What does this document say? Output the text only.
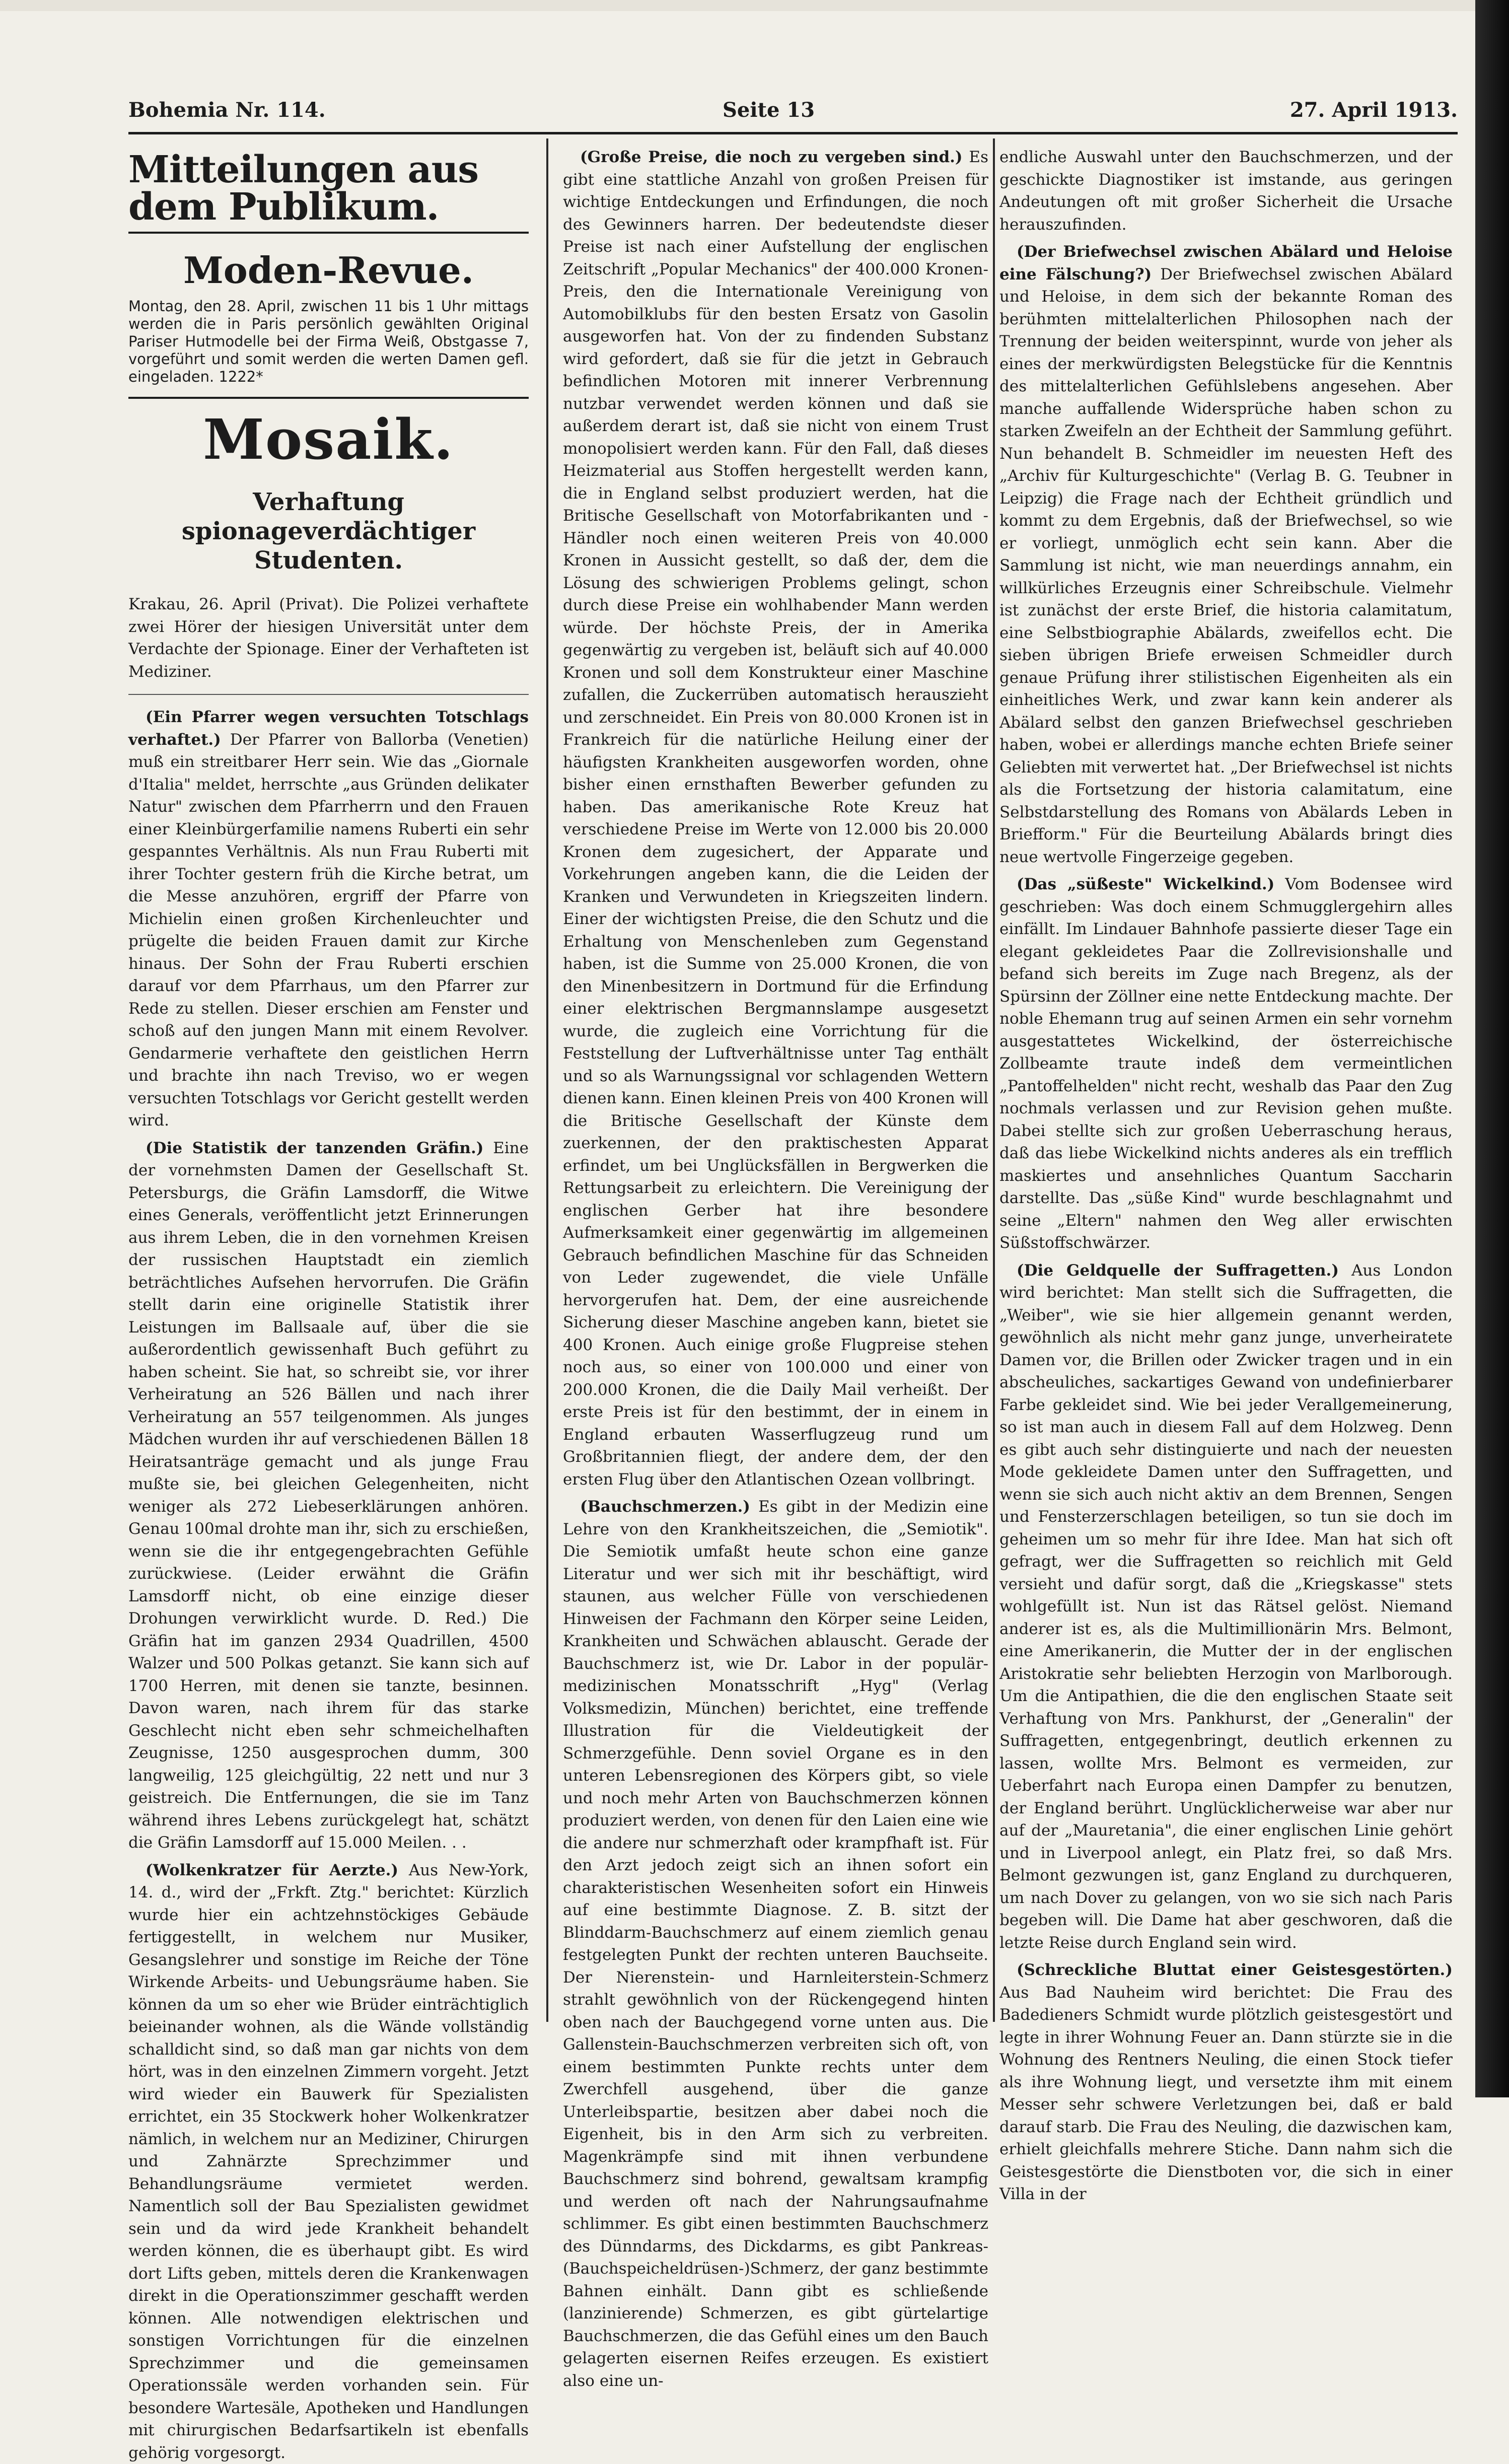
Bohemia Nr. 114.	Seite 13	27. April 1913.
Mitteilungen aus dem Publikum.
Moden-Revue.
Montag, den 28. April, zwischen 11 bis 1 Uhr mittags werden die in Paris persönlich gewählten Original Pariser Hutmodelle bei der Firma Weiß, Obstgasse 7, vorgeführt und somit werden die werten Damen gefl. eingeladen. 1222*
Mosaik.
Verhaftung spionageverdächtiger Studenten.

Krakau, 26. April (Privat). Die Polizei verhaftete zwei Hörer der hiesigen Universität unter dem Verdachte der Spionage. Einer der Verhafteten ist Mediziner.

(Ein Pfarrer wegen versuchten Totschlags verhaftet.) Der Pfarrer von Ballorba (Venetien) muß ein streitbarer Herr sein. Wie das „Giornale d'Italia" meldet, herrschte „aus Gründen delikater Natur" zwischen dem Pfarrherrn und den Frauen einer Kleinbürgerfamilie namens Ruberti ein sehr gespanntes Verhältnis. Als nun Frau Ruberti mit ihrer Tochter gestern früh die Kirche betrat, um die Messe anzuhören, ergriff der Pfarre von Michielin einen großen Kirchenleuchter und prügelte die beiden Frauen damit zur Kirche hinaus. Der Sohn der Frau Ruberti erschien darauf vor dem Pfarrhaus, um den Pfarrer zur Rede zu stellen. Dieser erschien am Fenster und schoß auf den jungen Mann mit einem Revolver. Gendarmerie verhaftete den geistlichen Herrn und brachte ihn nach Treviso, wo er wegen versuchten Totschlags vor Gericht gestellt werden wird.

(Die Statistik der tanzenden Gräfin.) Eine der vornehmsten Damen der Gesellschaft St. Petersburgs, die Gräfin Lamsdorff, die Witwe eines Generals, veröffentlicht jetzt Erinnerungen aus ihrem Leben, die in den vornehmen Kreisen der russischen Hauptstadt ein ziemlich beträchtliches Aufsehen hervorrufen. Die Gräfin stellt darin eine originelle Statistik ihrer Leistungen im Ballsaale auf, über die sie außerordentlich gewissenhaft Buch geführt zu haben scheint. Sie hat, so schreibt sie, vor ihrer Verheiratung an 526 Bällen und nach ihrer Verheiratung an 557 teilgenommen. Als junges Mädchen wurden ihr auf verschiedenen Bällen 18 Heiratsanträge gemacht und als junge Frau mußte sie, bei gleichen Gelegenheiten, nicht weniger als 272 Liebeserklärungen anhören. Genau 100mal drohte man ihr, sich zu erschießen, wenn sie die ihr entgegengebrachten Gefühle zurückwiese. (Leider erwähnt die Gräfin Lamsdorff nicht, ob eine einzige dieser Drohungen verwirklicht wurde. D. Red.) Die Gräfin hat im ganzen 2934 Quadrillen, 4500 Walzer und 500 Polkas getanzt. Sie kann sich auf 1700 Herren, mit denen sie tanzte, besinnen. Davon waren, nach ihrem für das starke Geschlecht nicht eben sehr schmeichelhaften Zeugnisse, 1250 ausgesprochen dumm, 300 langweilig, 125 gleichgültig, 22 nett und nur 3 geistreich. Die Entfernungen, die sie im Tanz während ihres Lebens zurückgelegt hat, schätzt die Gräfin Lamsdorff auf 15.000 Meilen. . .

(Wolkenkratzer für Aerzte.) Aus New-York, 14. d., wird der „Frkft. Ztg." berichtet: Kürzlich wurde hier ein achtzehnstöckiges Gebäude fertiggestellt, in welchem nur Musiker, Gesangslehrer und sonstige im Reiche der Töne Wirkende Arbeits- und Uebungsräume haben. Sie können da um so eher wie Brüder einträchtiglich beieinander wohnen, als die Wände vollständig schalldicht sind, so daß man gar nichts von dem hört, was in den einzelnen Zimmern vorgeht. Jetzt wird wieder ein Bauwerk für Spezialisten errichtet, ein 35 Stockwerk hoher Wolkenkratzer nämlich, in welchem nur an Mediziner, Chirurgen und Zahnärzte Sprechzimmer und Behandlungsräume vermietet werden. Namentlich soll der Bau Spezialisten gewidmet sein und da wird jede Krankheit behandelt werden können, die es überhaupt gibt. Es wird dort Lifts geben, mittels deren die Krankenwagen direkt in die Operationszimmer geschafft werden können. Alle notwendigen elektrischen und sonstigen Vorrichtungen für die einzelnen Sprechzimmer und die gemeinsamen Operationssäle werden vorhanden sein. Für besondere Wartesäle, Apotheken und Handlungen mit chirurgischen Bedarfsartikeln ist ebenfalls gehörig vorgesorgt.

(Große Preise, die noch zu vergeben sind.) Es gibt eine stattliche Anzahl von großen Preisen für wichtige Entdeckungen und Erfindungen, die noch des Gewinners harren. Der bedeutendste dieser Preise ist nach einer Aufstellung der englischen Zeitschrift „Popular Mechanics" der 400.000 Kronen-Preis, den die Internationale Vereinigung von Automobilklubs für den besten Ersatz von Gasolin ausgeworfen hat. Von der zu findenden Substanz wird gefordert, daß sie für die jetzt in Gebrauch befindlichen Motoren mit innerer Verbrennung nutzbar verwendet werden können und daß sie außerdem derart ist, daß sie nicht von einem Trust monopolisiert werden kann. Für den Fall, daß dieses Heizmaterial aus Stoffen hergestellt werden kann, die in England selbst produziert werden, hat die Britische Gesellschaft von Motorfabrikanten und -Händler noch einen weiteren Preis von 40.000 Kronen in Aussicht gestellt, so daß der, dem die Lösung des schwierigen Problems gelingt, schon durch diese Preise ein wohlhabender Mann werden würde. Der höchste Preis, der in Amerika gegenwärtig zu vergeben ist, beläuft sich auf 40.000 Kronen und soll dem Konstrukteur einer Maschine zufallen, die Zuckerrüben automatisch herauszieht und zerschneidet. Ein Preis von 80.000 Kronen ist in Frankreich für die natürliche Heilung einer der häufigsten Krankheiten ausgeworfen worden, ohne bisher einen ernsthaften Bewerber gefunden zu haben. Das amerikanische Rote Kreuz hat verschiedene Preise im Werte von 12.000 bis 20.000 Kronen dem zugesichert, der Apparate und Vorkehrungen angeben kann, die die Leiden der Kranken und Verwundeten in Kriegszeiten lindern. Einer der wichtigsten Preise, die den Schutz und die Erhaltung von Menschenleben zum Gegenstand haben, ist die Summe von 25.000 Kronen, die von den Minenbesitzern in Dortmund für die Erfindung einer elektrischen Bergmannslampe ausgesetzt wurde, die zugleich eine Vorrichtung für die Feststellung der Luftverhältnisse unter Tag enthält und so als Warnungssignal vor schlagenden Wettern dienen kann. Einen kleinen Preis von 400 Kronen will die Britische Gesellschaft der Künste dem zuerkennen, der den praktischesten Apparat erfindet, um bei Unglücksfällen in Bergwerken die Rettungsarbeit zu erleichtern. Die Vereinigung der englischen Gerber hat ihre besondere Aufmerksamkeit einer gegenwärtig im allgemeinen Gebrauch befindlichen Maschine für das Schneiden von Leder zugewendet, die viele Unfälle hervorgerufen hat. Dem, der eine ausreichende Sicherung dieser Maschine angeben kann, bietet sie 400 Kronen. Auch einige große Flugpreise stehen noch aus, so einer von 100.000 und einer von 200.000 Kronen, die die Daily Mail verheißt. Der erste Preis ist für den bestimmt, der in einem in England erbauten Wasserflugzeug rund um Großbritannien fliegt, der andere dem, der den ersten Flug über den Atlantischen Ozean vollbringt.

(Bauchschmerzen.) Es gibt in der Medizin eine Lehre von den Krankheitszeichen, die „Semiotik". Die Semiotik umfaßt heute schon eine ganze Literatur und wer sich mit ihr beschäftigt, wird staunen, aus welcher Fülle von verschiedenen Hinweisen der Fachmann den Körper seine Leiden, Krankheiten und Schwächen ablauscht. Gerade der Bauchschmerz ist, wie Dr. Labor in der populär-medizinischen Monatsschrift „Hyg" (Verlag Volksmedizin, München) berichtet, eine treffende Illustration für die Vieldeutigkeit der Schmerzgefühle. Denn soviel Organe es in den unteren Lebensregionen des Körpers gibt, so viele und noch mehr Arten von Bauchschmerzen können produziert werden, von denen für den Laien eine wie die andere nur schmerzhaft oder krampfhaft ist. Für den Arzt jedoch zeigt sich an ihnen sofort ein charakteristischen Wesenheiten sofort ein Hinweis auf eine bestimmte Diagnose. Z. B. sitzt der Blinddarm-Bauchschmerz auf einem ziemlich genau festgelegten Punkt der rechten unteren Bauchseite. Der Nierenstein- und Harnleiterstein-Schmerz strahlt gewöhnlich von der Rückengegend hinten oben nach der Bauchgegend vorne unten aus. Die Gallenstein-Bauchschmerzen verbreiten sich oft, von einem bestimmten Punkte rechts unter dem Zwerchfell ausgehend, über die ganze Unterleibspartie, besitzen aber dabei noch die Eigenheit, bis in den Arm sich zu verbreiten. Magenkrämpfe sind mit ihnen verbundene Bauchschmerz sind bohrend, gewaltsam krampfig und werden oft nach der Nahrungsaufnahme schlimmer. Es gibt einen bestimmten Bauchschmerz des Dünndarms, des Dickdarms, es gibt Pankreas- (Bauchspeicheldrüsen-)Schmerz, der ganz bestimmte Bahnen einhält. Dann gibt es schließende (lanzinierende) Schmerzen, es gibt gürtelartige Bauchschmerzen, die das Gefühl eines um den Bauch gelagerten eisernen Reifes erzeugen. Es existiert also eine un-

endliche Auswahl unter den Bauchschmerzen, und der geschickte Diagnostiker ist imstande, aus geringen Andeutungen oft mit großer Sicherheit die Ursache herauszufinden.

(Der Briefwechsel zwischen Abälard und Heloise eine Fälschung?) Der Briefwechsel zwischen Abälard und Heloise, in dem sich der bekannte Roman des berühmten mittelalterlichen Philosophen nach der Trennung der beiden weiterspinnt, wurde von jeher als eines der merkwürdigsten Belegstücke für die Kenntnis des mittelalterlichen Gefühlslebens angesehen. Aber manche auffallende Widersprüche haben schon zu starken Zweifeln an der Echtheit der Sammlung geführt. Nun behandelt B. Schmeidler im neuesten Heft des „Archiv für Kulturgeschichte" (Verlag B. G. Teubner in Leipzig) die Frage nach der Echtheit gründlich und kommt zu dem Ergebnis, daß der Briefwechsel, so wie er vorliegt, unmöglich echt sein kann. Aber die Sammlung ist nicht, wie man neuerdings annahm, ein willkürliches Erzeugnis einer Schreibschule. Vielmehr ist zunächst der erste Brief, die historia calamitatum, eine Selbstbiographie Abälards, zweifellos echt. Die sieben übrigen Briefe erweisen Schmeidler durch genaue Prüfung ihrer stilistischen Eigenheiten als ein einheitliches Werk, und zwar kann kein anderer als Abälard selbst den ganzen Briefwechsel geschrieben haben, wobei er allerdings manche echten Briefe seiner Geliebten mit verwertet hat. „Der Briefwechsel ist nichts als die Fortsetzung der historia calamitatum, eine Selbstdarstellung des Romans von Abälards Leben in Briefform." Für die Beurteilung Abälards bringt dies neue wertvolle Fingerzeige gegeben.

(Das „süßeste" Wickelkind.) Vom Bodensee wird geschrieben: Was doch einem Schmugglergehirn alles einfällt. Im Lindauer Bahnhofe passierte dieser Tage ein elegant gekleidetes Paar die Zollrevisionshalle und befand sich bereits im Zuge nach Bregenz, als der Spürsinn der Zöllner eine nette Entdeckung machte. Der noble Ehemann trug auf seinen Armen ein sehr vornehm ausgestattetes Wickelkind, der österreichische Zollbeamte traute indeß dem vermeintlichen „Pantoffelhelden" nicht recht, weshalb das Paar den Zug nochmals verlassen und zur Revision gehen mußte. Dabei stellte sich zur großen Ueberraschung heraus, daß das liebe Wickelkind nichts anderes als ein trefflich maskiertes und ansehnliches Quantum Saccharin darstellte. Das „süße Kind" wurde beschlagnahmt und seine „Eltern" nahmen den Weg aller erwischten Süßstoffschwärzer.

(Die Geldquelle der Suffragetten.) Aus London wird berichtet: Man stellt sich die Suffragetten, die „Weiber", wie sie hier allgemein genannt werden, gewöhnlich als nicht mehr ganz junge, unverheiratete Damen vor, die Brillen oder Zwicker tragen und in ein abscheuliches, sackartiges Gewand von undefinierbarer Farbe gekleidet sind. Wie bei jeder Verallgemeinerung, so ist man auch in diesem Fall auf dem Holzweg. Denn es gibt auch sehr distinguierte und nach der neuesten Mode gekleidete Damen unter den Suffragetten, und wenn sie sich auch nicht aktiv an dem Brennen, Sengen und Fensterzerschlagen beteiligen, so tun sie doch im geheimen um so mehr für ihre Idee. Man hat sich oft gefragt, wer die Suffragetten so reichlich mit Geld versieht und dafür sorgt, daß die „Kriegskasse" stets wohlgefüllt ist. Nun ist das Rätsel gelöst. Niemand anderer ist es, als die Multimillionärin Mrs. Belmont, eine Amerikanerin, die Mutter der in der englischen Aristokratie sehr beliebten Herzogin von Marlborough. Um die Antipathien, die die den englischen Staate seit Verhaftung von Mrs. Pankhurst, der „Generalin" der Suffragetten, entgegenbringt, deutlich erkennen zu lassen, wollte Mrs. Belmont es vermeiden, zur Ueberfahrt nach Europa einen Dampfer zu benutzen, der England berührt. Unglücklicherweise war aber nur auf der „Mauretania", die einer englischen Linie gehört und in Liverpool anlegt, ein Platz frei, so daß Mrs. Belmont gezwungen ist, ganz England zu durchqueren, um nach Dover zu gelangen, von wo sie sich nach Paris begeben will. Die Dame hat aber geschworen, daß die letzte Reise durch England sein wird.

(Schreckliche Bluttat einer Geistesgestörten.) Aus Bad Nauheim wird berichtet: Die Frau des Badedieners Schmidt wurde plötzlich geistesgestört und legte in ihrer Wohnung Feuer an. Dann stürzte sie in die Wohnung des Rentners Neuling, die einen Stock tiefer als ihre Wohnung liegt, und versetzte ihm mit einem Messer sehr schwere Verletzungen bei, daß er bald darauf starb. Die Frau des Neuling, die dazwischen kam, erhielt gleichfalls mehrere Stiche. Dann nahm sich die Geistesgestörte die Dienstboten vor, die sich in einer Villa in der
